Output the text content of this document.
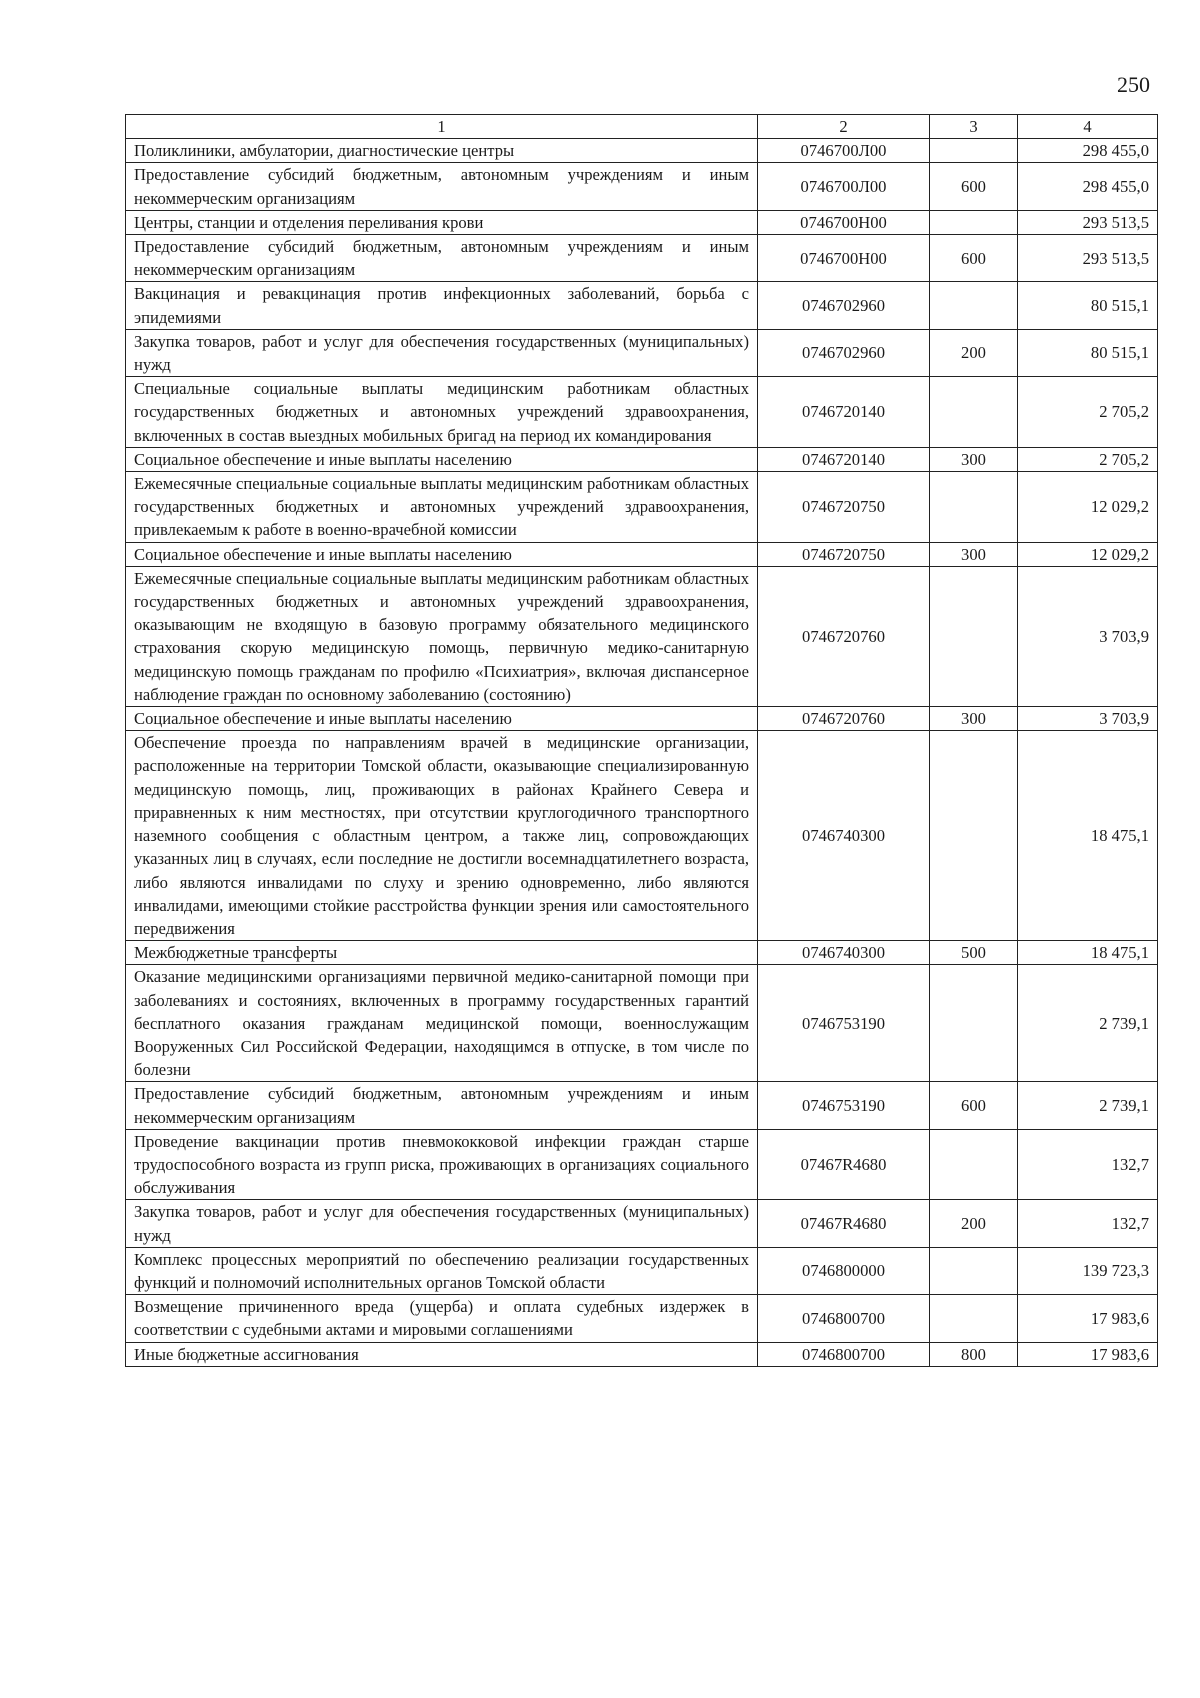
250
1	2	3	4
Поликлиники, амбулатории, диагностические центры	0746700Л00		298 455,0
Предоставление субсидий бюджетным, автономным учреждениям и иным некоммерческим организациям	0746700Л00	600	298 455,0
Центры, станции и отделения переливания крови	0746700Н00		293 513,5
Предоставление субсидий бюджетным, автономным учреждениям и иным некоммерческим организациям	0746700Н00	600	293 513,5
Вакцинация и ревакцинация против инфекционных заболеваний, борьба с эпидемиями	0746702960		80 515,1
Закупка товаров, работ и услуг для обеспечения государственных (муниципальных) нужд	0746702960	200	80 515,1
Специальные социальные выплаты медицинским работникам областных государственных бюджетных и автономных учреждений здравоохранения, включенных в состав выездных мобильных бригад на период их командирования	0746720140		2 705,2
Социальное обеспечение и иные выплаты населению	0746720140	300	2 705,2
Ежемесячные специальные социальные выплаты медицинским работникам областных государственных бюджетных и автономных учреждений здравоохранения, привлекаемым к работе в военно-врачебной комиссии	0746720750		12 029,2
Социальное обеспечение и иные выплаты населению	0746720750	300	12 029,2
Ежемесячные специальные социальные выплаты медицинским работникам областных государственных бюджетных и автономных учреждений здравоохранения, оказывающим не входящую в базовую программу обязательного медицинского страхования скорую медицинскую помощь, первичную медико-санитарную медицинскую помощь гражданам по профилю «Психиатрия», включая диспансерное наблюдение граждан по основному заболеванию (состоянию)	0746720760		3 703,9
Социальное обеспечение и иные выплаты населению	0746720760	300	3 703,9
Обеспечение проезда по направлениям врачей в медицинские организации, расположенные на территории Томской области, оказывающие специализированную медицинскую помощь, лиц, проживающих в районах Крайнего Севера и приравненных к ним местностях, при отсутствии круглогодичного транспортного наземного сообщения с областным центром, а также лиц, сопровождающих указанных лиц в случаях, если последние не достигли восемнадцатилетнего возраста, либо являются инвалидами по слуху и зрению одновременно, либо являются инвалидами, имеющими стойкие расстройства функции зрения или самостоятельного передвижения	0746740300		18 475,1
Межбюджетные трансферты	0746740300	500	18 475,1
Оказание медицинскими организациями первичной медико-санитарной помощи при заболеваниях и состояниях, включенных в программу государственных гарантий бесплатного оказания гражданам медицинской помощи, военнослужащим Вооруженных Сил Российской Федерации, находящимся в отпуске, в том числе по болезни	0746753190		2 739,1
Предоставление субсидий бюджетным, автономным учреждениям и иным некоммерческим организациям	0746753190	600	2 739,1
Проведение вакцинации против пневмококковой инфекции граждан старше трудоспособного возраста из групп риска, проживающих в организациях социального обслуживания	07467R4680		132,7
Закупка товаров, работ и услуг для обеспечения государственных (муниципальных) нужд	07467R4680	200	132,7
Комплекс процессных мероприятий по обеспечению реализации государственных функций и полномочий исполнительных органов Томской области	0746800000		139 723,3
Возмещение причиненного вреда (ущерба) и оплата судебных издержек в соответствии с судебными актами и мировыми соглашениями	0746800700		17 983,6
Иные бюджетные ассигнования	0746800700	800	17 983,6
